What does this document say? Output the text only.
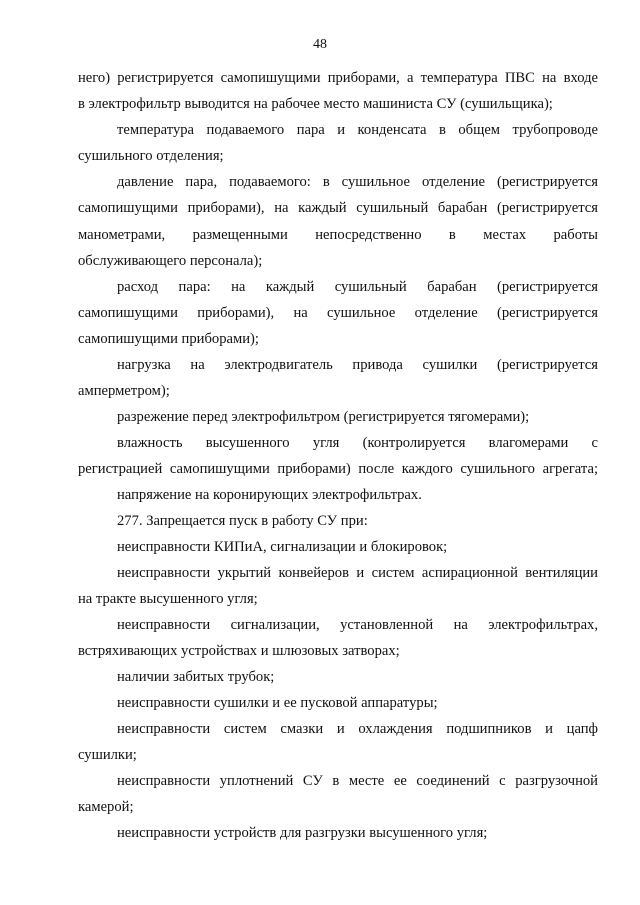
48
него) регистрируется самопишущими приборами, а температура ПВС на входе
в электрофильтр выводится на рабочее место машиниста СУ (сушильщика);
температура подаваемого пара и конденсата в общем трубопроводе
сушильного отделения;
давление пара, подаваемого: в сушильное отделение (регистрируется
самопишущими приборами), на каждый сушильный барабан (регистрируется
манометрами, размещенными непосредственно в местах работы
обслуживающего персонала);
расход пара: на каждый сушильный барабан (регистрируется
самопишущими приборами), на сушильное отделение (регистрируется
самопишущими приборами);
нагрузка на электродвигатель привода сушилки (регистрируется
амперметром);
разрежение перед электрофильтром (регистрируется тягомерами);
влажность высушенного угля (контролируется влагомерами с
регистрацией самопишущими приборами) после каждого сушильного агрегата;
напряжение на коронирующих электрофильтрах.
277. Запрещается пуск в работу СУ при:
неисправности КИПиА, сигнализации и блокировок;
неисправности укрытий конвейеров и систем аспирационной вентиляции
на тракте высушенного угля;
неисправности сигнализации, установленной на электрофильтрах,
встряхивающих устройствах и шлюзовых затворах;
наличии забитых трубок;
неисправности сушилки и ее пусковой аппаратуры;
неисправности систем смазки и охлаждения подшипников и цапф
сушилки;
неисправности уплотнений СУ в месте ее соединений с разгрузочной
камерой;
неисправности устройств для разгрузки высушенного угля;
